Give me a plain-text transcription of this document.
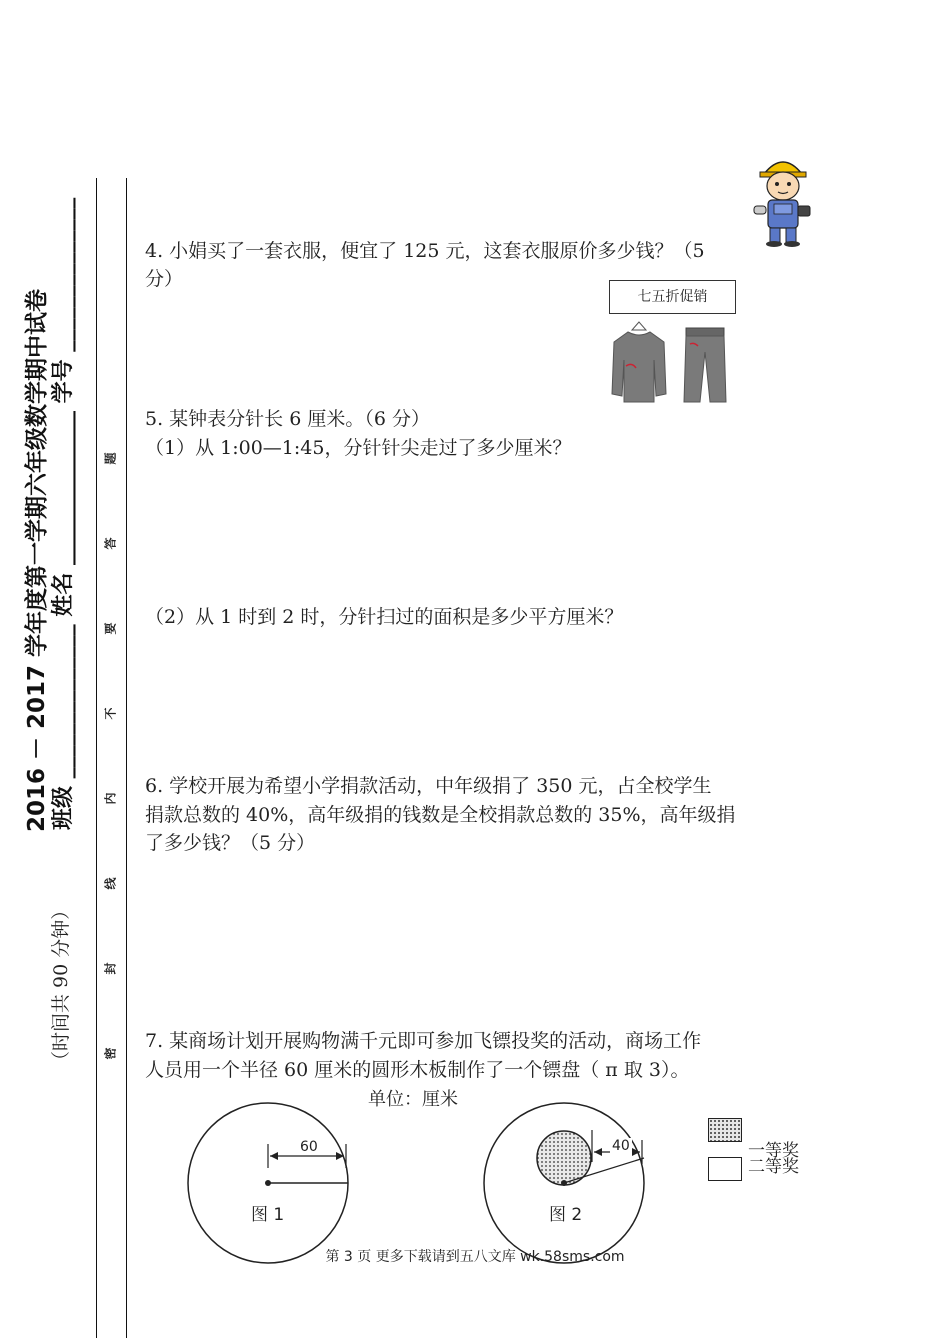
2016 － 2017 学年度第一学期六年级数学期中试卷 班级 ______________ 姓名 ______________ 学号 ______________
（时间共 90 分钟）	密
封
线
内
不
要
答
题
4. 小娟买了一套衣服，便宜了 125 元，这套衣服原价多少钱？（5
分）
七五折促销
5. 某钟表分针长 6 厘米。（6 分）
（1）从 1:00—1:45，分针针尖走过了多少厘米？
（2）从 1 时到 2 时，分针扫过的面积是多少平方厘米？
6. 学校开展为希望小学捐款活动，中年级捐了 350 元，占全校学生
捐款总数的 40%，高年级捐的钱数是全校捐款总数的 35%，高年级捐
了多少钱？（5 分）
7. 某商场计划开展购物满千元即可参加飞镖投奖的活动，商场工作
人员用一个半径 60 厘米的圆形木板制作了一个镖盘（ π 取 3）。
单位：厘米
60
图 1
40
图 2
一等奖
二等奖
第 3 页 更多下载请到五八文库 wk.58sms.com
